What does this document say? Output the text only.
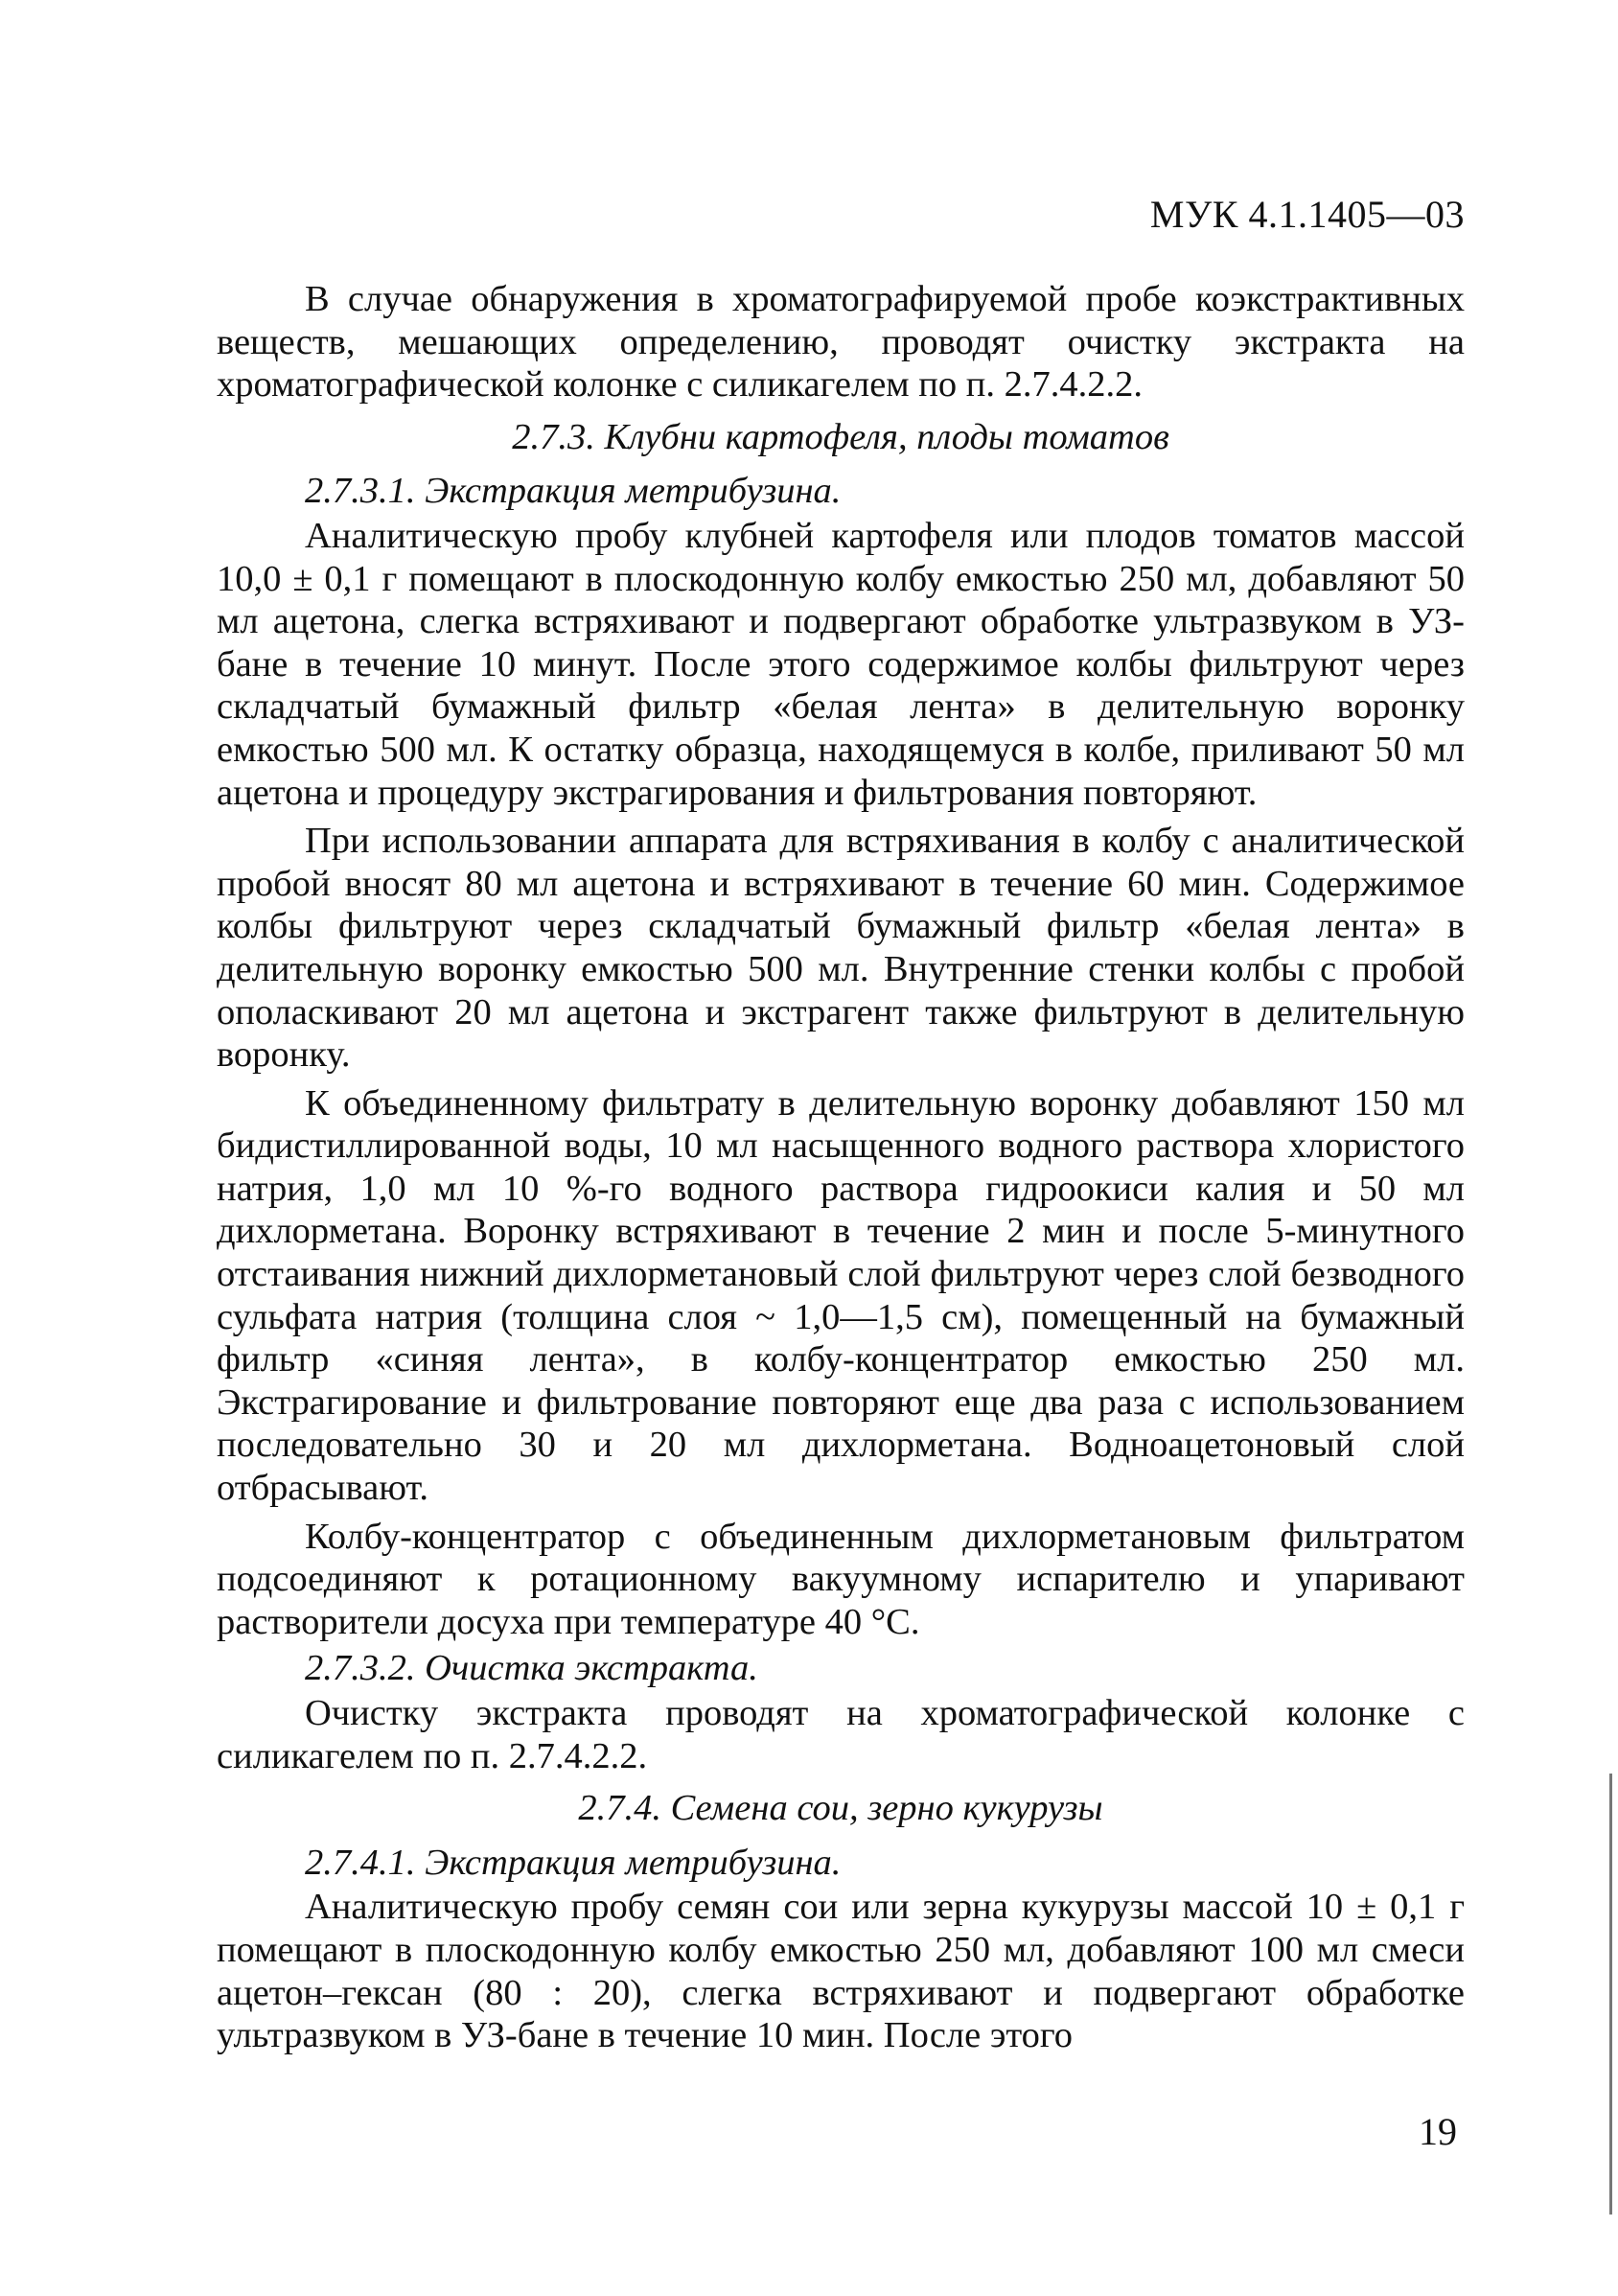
МУК 4.1.1405—03

В случае обнаружения в хроматографируемой пробе коэкстрактивных веществ, мешающих определению, проводят очистку экстракта на хроматографической колонке с силикагелем по п. 2.7.4.2.2.

2.7.3. Клубни картофеля, плоды томатов
2.7.3.1. Экстракция метрибузина.

Аналитическую пробу клубней картофеля или плодов томатов массой 10,0 ± 0,1 г помещают в плоскодонную колбу емкостью 250 мл, добавляют 50 мл ацетона, слегка встряхивают и подвергают обработке ультразвуком в УЗ-бане в течение 10 минут. После этого содержимое колбы фильтруют через складчатый бумажный фильтр «белая лента» в делительную воронку емкостью 500 мл. К остатку образца, находящемуся в колбе, приливают 50 мл ацетона и процедуру экстрагирования и фильтрования повторяют.

При использовании аппарата для встряхивания в колбу с аналитической пробой вносят 80 мл ацетона и встряхивают в течение 60 мин. Содержимое колбы фильтруют через складчатый бумажный фильтр «белая лента» в делительную воронку емкостью 500 мл. Внутренние стенки колбы с пробой ополаскивают 20 мл ацетона и экстрагент также фильтруют в делительную воронку.

К объединенному фильтрату в делительную воронку добавляют 150 мл бидистиллированной воды, 10 мл насыщенного водного раствора хлористого натрия, 1,0 мл 10 %-го водного раствора гидроокиси калия и 50 мл дихлорметана. Воронку встряхивают в течение 2 мин и после 5-минутного отстаивания нижний дихлорметановый слой фильтруют через слой безводного сульфата натрия (толщина слоя ~ 1,0—1,5 см), помещенный на бумажный фильтр «синяя лента», в колбу-концентратор емкостью 250 мл. Экстрагирование и фильтрование повторяют еще два раза с использованием последовательно 30 и 20 мл дихлорметана. Водноацетоновый слой отбрасывают.

Колбу-концентратор с объединенным дихлорметановым фильтратом подсоединяют к ротационному вакуумному испарителю и упаривают растворители досуха при температуре 40 °С.

2.7.3.2. Очистка экстракта.

Очистку экстракта проводят на хроматографической колонке с силикагелем по п. 2.7.4.2.2.

2.7.4. Семена сои, зерно кукурузы
2.7.4.1. Экстракция метрибузина.

Аналитическую пробу семян сои или зерна кукурузы массой 10 ± 0,1 г помещают в плоскодонную колбу емкостью 250 мл, добавляют 100 мл смеси ацетон–гексан (80 : 20), слегка встряхивают и подвергают обработке ультразвуком в УЗ-бане в течение 10 мин. После этого

19
